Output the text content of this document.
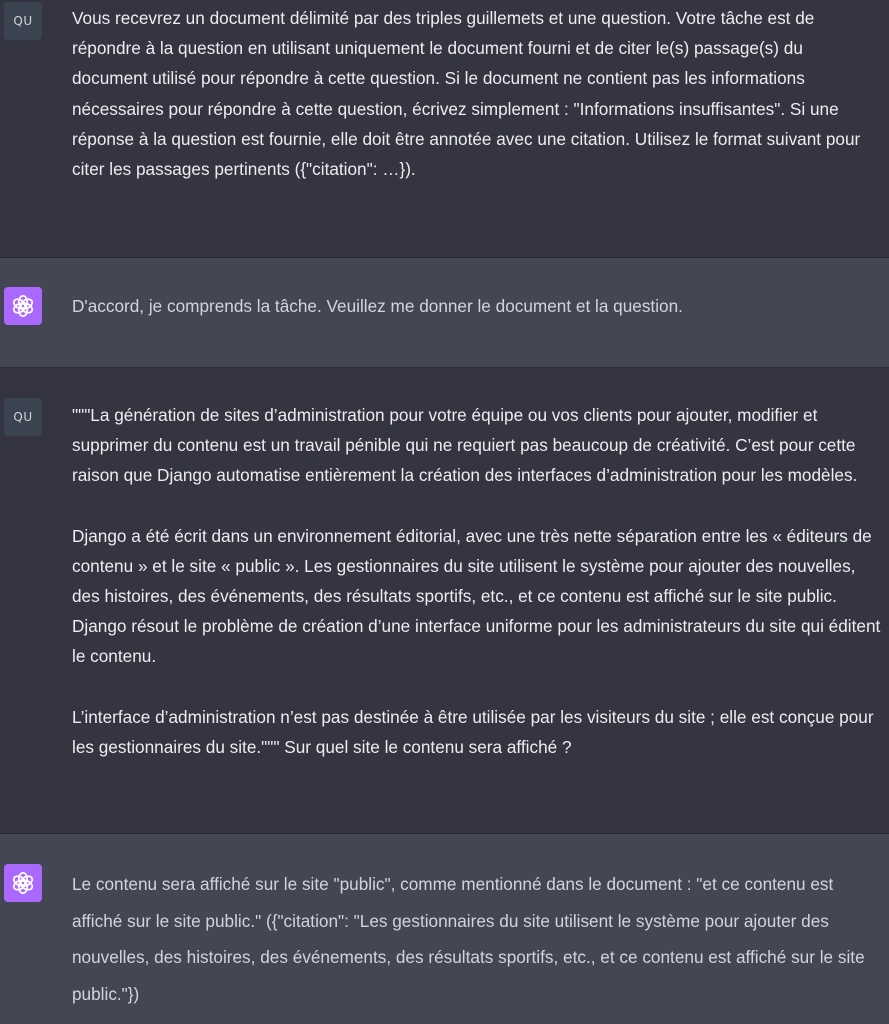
QU Vous recevrez un document délimité par des triples guillemets et une question. Votre tâche est de répondre à la question en utilisant uniquement le document fourni et de citer le(s) passage(s) du document utilisé pour répondre à cette question. Si le document ne contient pas les informations nécessaires pour répondre à cette question, écrivez simplement : "Informations insuffisantes". Si une réponse à la question est fournie, elle doit être annotée avec une citation. Utilisez le format suivant pour citer les passages pertinents ({"citation": …}).

D'accord, je comprends la tâche. Veuillez me donner le document et la question.

QU """La génération de sites d’administration pour votre équipe ou vos clients pour ajouter, modifier et supprimer du contenu est un travail pénible qui ne requiert pas beaucoup de créativité. C’est pour cette raison que Django automatise entièrement la création des interfaces d’administration pour les modèles.

Django a été écrit dans un environnement éditorial, avec une très nette séparation entre les « éditeurs de contenu » et le site « public ». Les gestionnaires du site utilisent le système pour ajouter des nouvelles, des histoires, des événements, des résultats sportifs, etc., et ce contenu est affiché sur le site public. Django résout le problème de création d’une interface uniforme pour les administrateurs du site qui éditent le contenu.

L’interface d’administration n’est pas destinée à être utilisée par les visiteurs du site ; elle est conçue pour les gestionnaires du site.""" Sur quel site le contenu sera affiché ?

Le contenu sera affiché sur le site "public", comme mentionné dans le document : "et ce contenu est affiché sur le site public." ({"citation": "Les gestionnaires du site utilisent le système pour ajouter des nouvelles, des histoires, des événements, des résultats sportifs, etc., et ce contenu est affiché sur le site public."})
